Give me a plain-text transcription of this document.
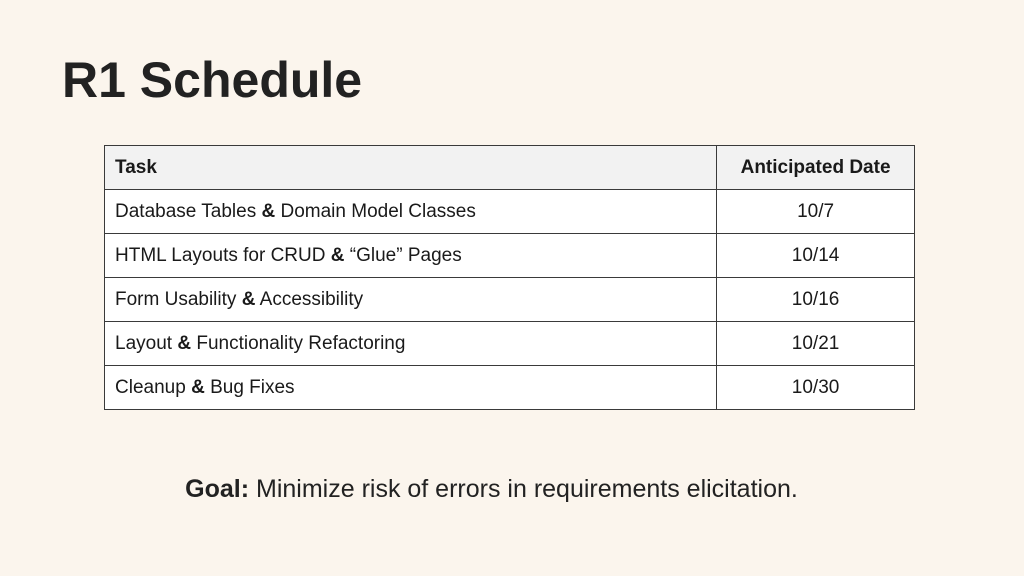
R1 Schedule
Task	Anticipated Date
Database Tables & Domain Model Classes	10/7
HTML Layouts for CRUD & “Glue” Pages	10/14
Form Usability & Accessibility	10/16
Layout & Functionality Refactoring	10/21
Cleanup & Bug Fixes	10/30

Goal: Minimize risk of errors in requirements elicitation.
